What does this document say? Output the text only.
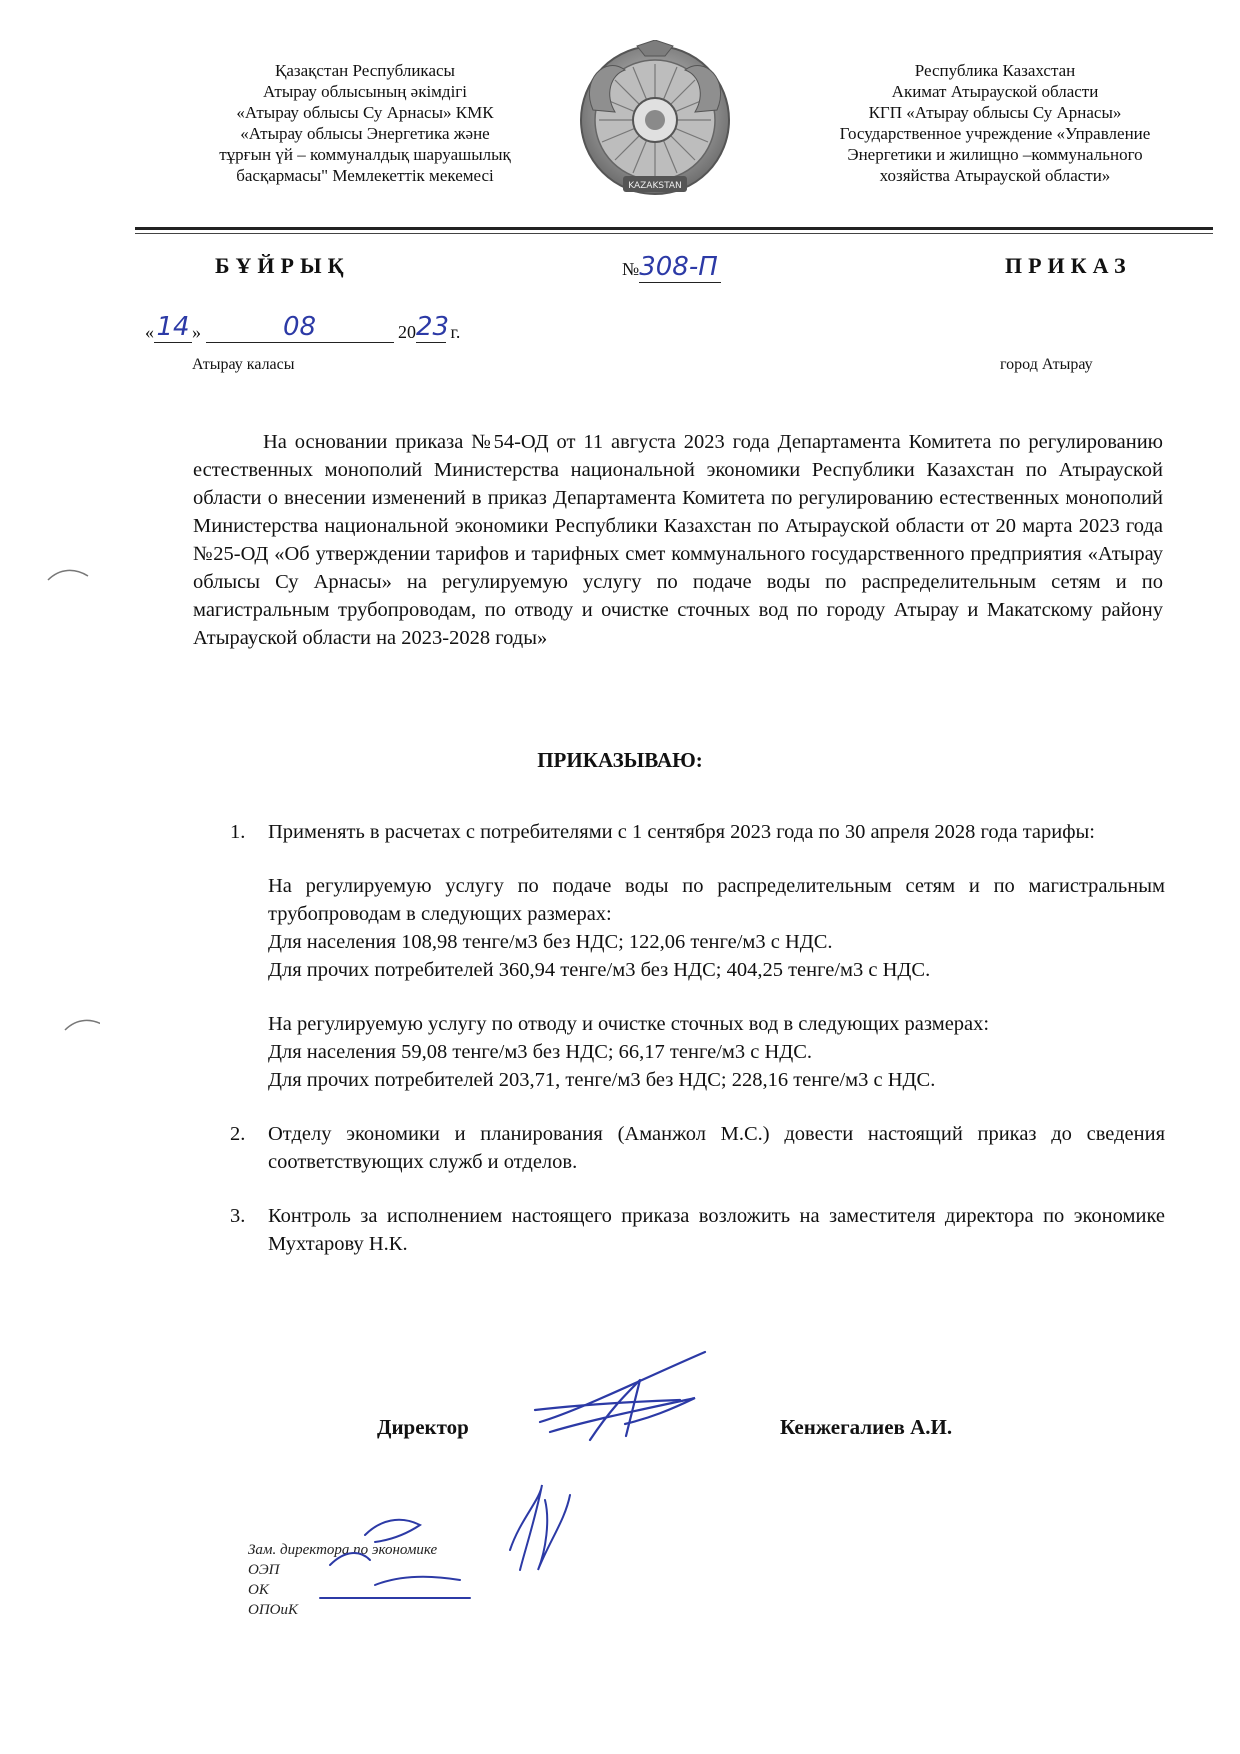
Қазақстан Республикасы
Атырау облысының әкімдігі
«Атырау облысы Су Арнасы» КМК
«Атырау облысы Энергетика және
тұрғын үй – коммуналдық шаруашылық
басқармасы" Мемлекеттік мекемесі
KAZAKSTAN
Республика Казахстан
Акимат Атырауской области
КГП «Атырау облысы Су Арнасы»
Государственное учреждение «Управление
Энергетики и жилищно –коммунального
хозяйства Атырауской области»
БҰЙРЫҚ	№308-П	ПРИКАЗ
«14 »	08	2023 г.
Атырау каласы	город Атырау

На основании приказа №54-ОД от 11 августа 2023 года Департамента Комитета по регулированию естественных монополий Министерства национальной экономики Республики Казахстан по Атырауской области о внесении изменений в приказ Департамента Комитета по регулированию естественных монополий Министерства национальной экономики Республики Казахстан по Атырауской области от 20 марта 2023 года №25-ОД «Об утверждении тарифов и тарифных смет коммунального государственного предприятия «Атырау облысы Су Арнасы» на регулируемую услугу по подаче воды по распределительным сетям и по магистральным трубопроводам, по отводу и очистке сточных вод по городу Атырау и Макатскому району Атырауской области на 2023-2028 годы»

ПРИКАЗЫВАЮ:
1. Применять в расчетах с потребителями с 1 сентября 2023 года по 30 апреля 2028 года тарифы:
На регулируемую услугу по подаче воды по распределительным сетям и по магистральным трубопроводам в следующих размерах:
Для населения 108,98 тенге/м3 без НДС; 122,06 тенге/м3 с НДС.
Для прочих потребителей 360,94 тенге/м3 без НДС; 404,25 тенге/м3 с НДС.
На регулируемую услугу по отводу и очистке сточных вод в следующих размерах:
Для населения 59,08 тенге/м3 без НДС; 66,17 тенге/м3 с НДС.
Для прочих потребителей 203,71, тенге/м3 без НДС; 228,16 тенге/м3 с НДС.
2. Отделу экономики и планирования (Аманжол М.С.) довести настоящий приказ до сведения соответствующих служб и отделов.
3. Контроль за исполнением настоящего приказа возложить на заместителя директора по экономике Мухтарову Н.К.
Директор	Кенжегалиев А.И.
Зам. директора по экономике
ОЭП
ОК
ОПОиК
